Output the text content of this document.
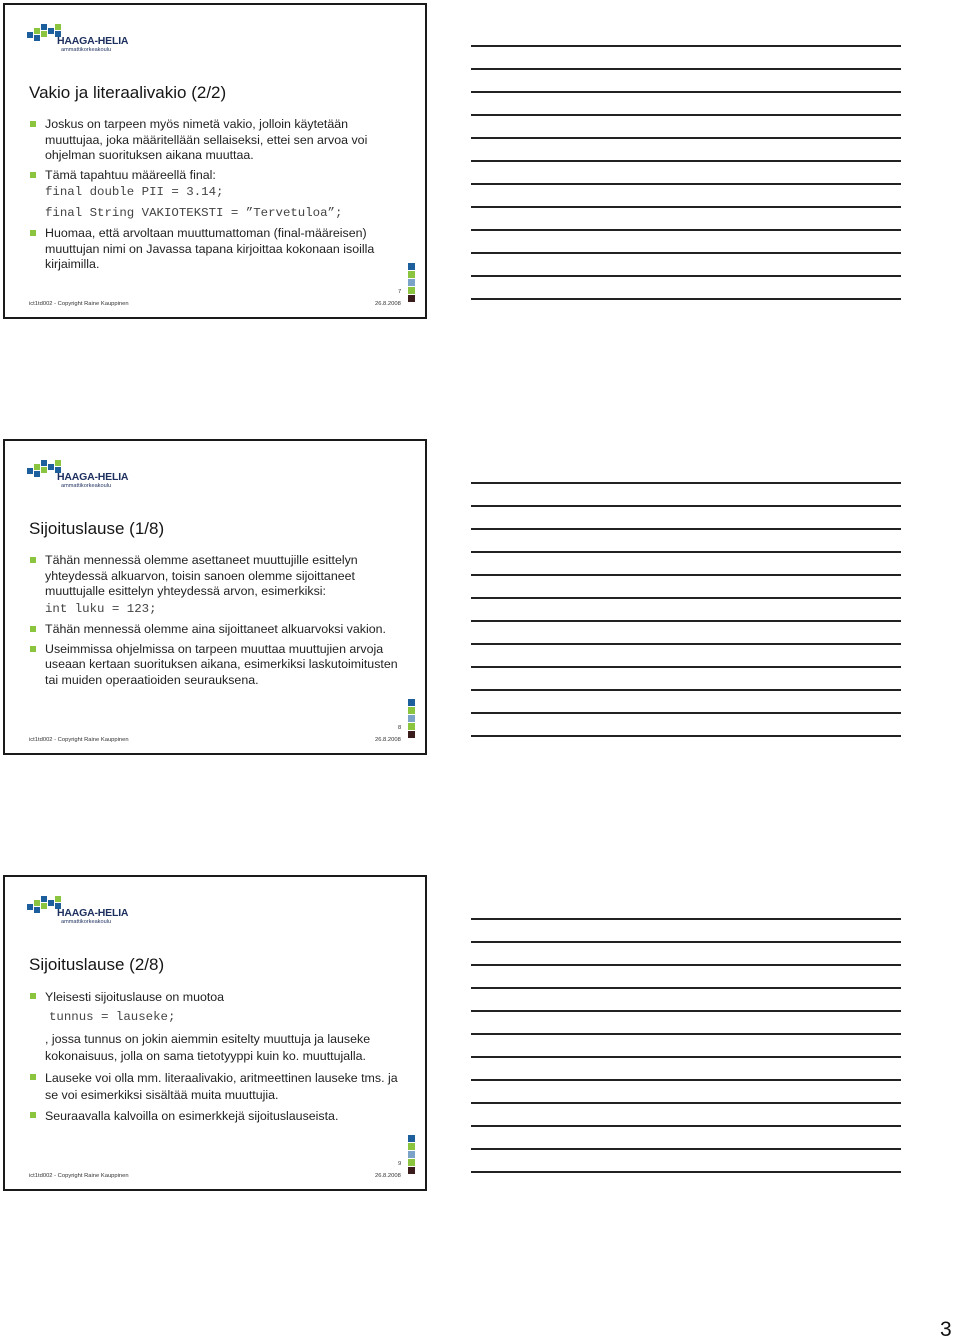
HAAGA-HELIA
ammattikorkeakoulu
Vakio ja literaalivakio (2/2)
Joskus on tarpeen myös nimetä vakio, jolloin käytetään muuttujaa, joka määritellään sellaiseksi, ettei sen arvoa voi ohjelman suorituksen aikana muuttaa.
Tämä tapahtuu määreellä final:
final double PII = 3.14;
final String VAKIOTEKSTI = ”Tervetuloa”;
Huomaa, että arvoltaan muuttumattoman (final-määreisen) muuttujan nimi on Javassa tapana kirjoittaa kokonaan isoilla kirjaimilla.
7
ict1td002 - Copyright Raine Kauppinen	26.8.2008
HAAGA-HELIA
ammattikorkeakoulu
Sijoituslause (1/8)
Tähän mennessä olemme asettaneet muuttujille esittelyn yhteydessä alkuarvon, toisin sanoen olemme sijoittaneet muuttujalle esittelyn yhteydessä arvon, esimerkiksi:
int luku = 123;
Tähän mennessä olemme aina sijoittaneet alkuarvoksi vakion.
Useimmissa ohjelmissa on tarpeen muuttaa muuttujien arvoja useaan kertaan suorituksen aikana, esimerkiksi laskutoimitusten tai muiden operaatioiden seurauksena.
8
ict1td002 - Copyright Raine Kauppinen	26.8.2008
HAAGA-HELIA
ammattikorkeakoulu
Sijoituslause (2/8)
Yleisesti sijoituslause on muotoa
tunnus = lauseke;
, jossa tunnus on jokin aiemmin esitelty muuttuja ja lauseke kokonaisuus, jolla on sama tietotyyppi kuin ko. muuttujalla.
Lauseke voi olla mm. literaalivakio, aritmeettinen lauseke tms. ja se voi esimerkiksi sisältää muita muuttujia.
Seuraavalla kalvoilla on esimerkkejä sijoituslauseista.
9
ict1td002 - Copyright Raine Kauppinen	26.8.2008
3
